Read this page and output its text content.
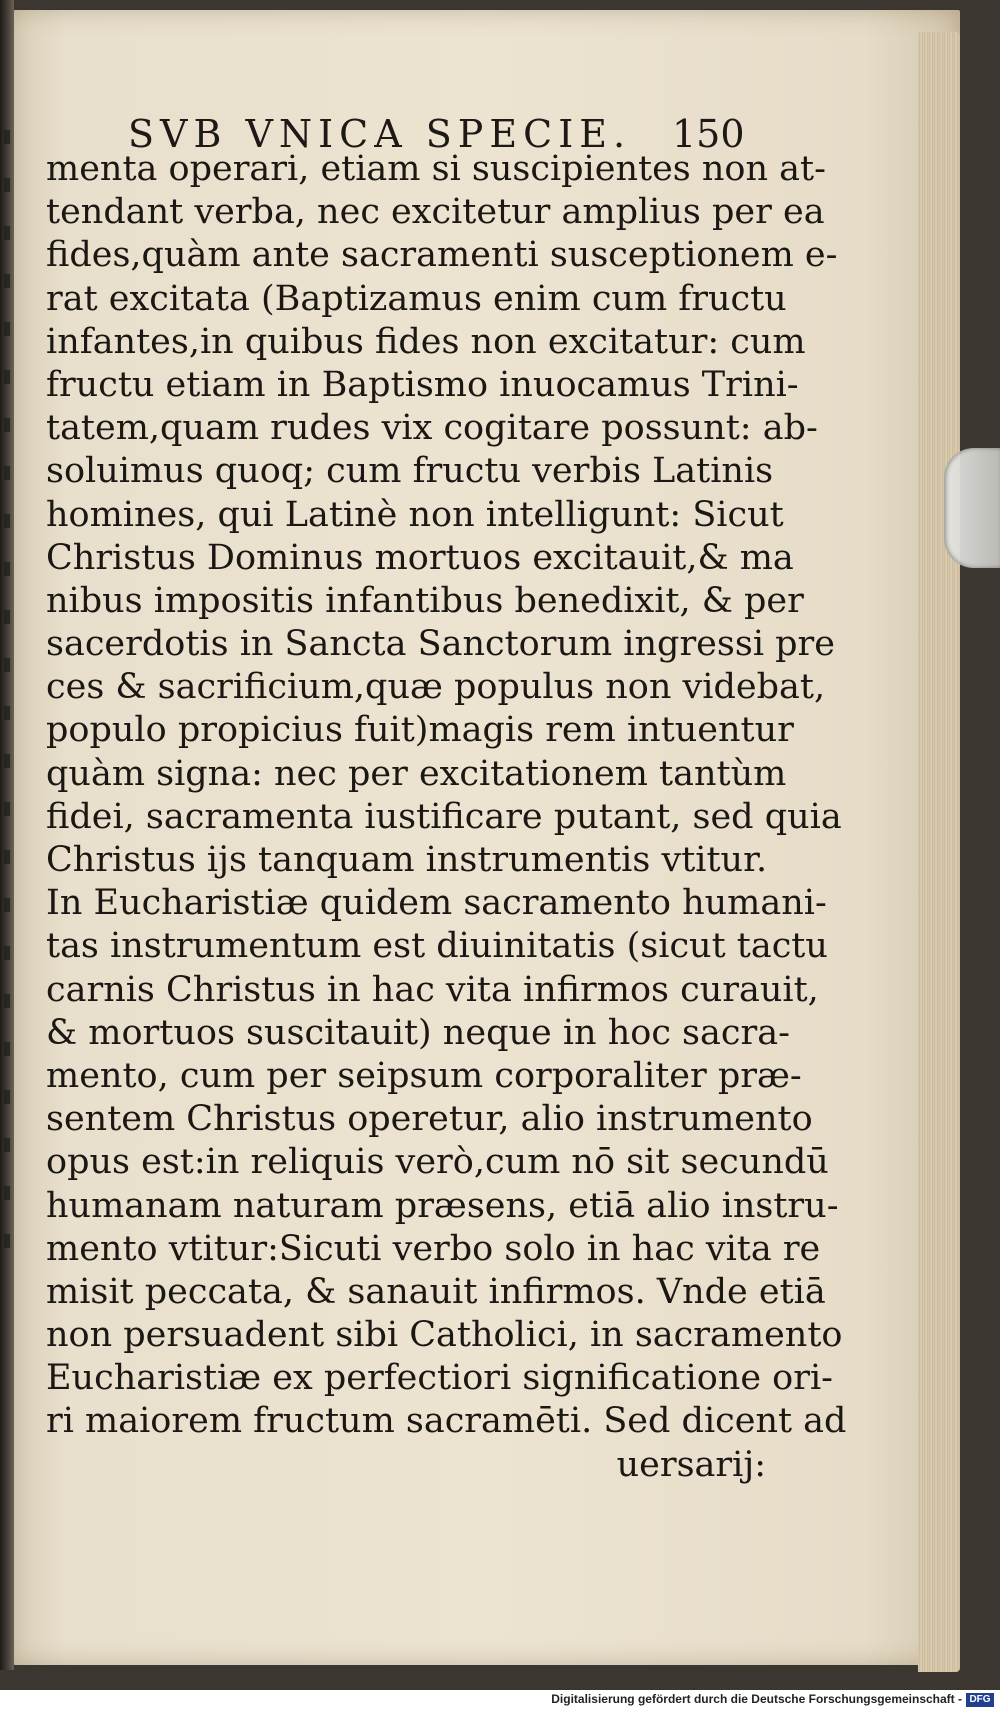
SVB VNICA SPECIE. 150
menta operari, etiam si suscipientes non at-
tendant verba, nec excitetur amplius per ea
fides,quàm ante sacramenti susceptionem e-
rat excitata (Baptizamus enim cum fructu
infantes,in quibus fides non excitatur: cum
fructu etiam in Baptismo inuocamus Trini-
tatem,quam rudes vix cogitare possunt: ab-
soluimus quoq; cum fructu verbis Latinis
homines, qui Latinè non intelligunt: Sicut
Christus Dominus mortuos excitauit,& ma
nibus impositis infantibus benedixit, & per
sacerdotis in Sancta Sanctorum ingressi pre
ces & sacrificium,quæ populus non videbat,
populo propicius fuit)magis rem intuentur
quàm signa: nec per excitationem tantùm
fidei, sacramenta iustificare putant, sed quia
Christus ijs tanquam instrumentis vtitur.
In Eucharistiæ quidem sacramento humani-
tas instrumentum est diuinitatis (sicut tactu
carnis Christus in hac vita infirmos curauit,
& mortuos suscitauit) neque in hoc sacra-
mento, cum per seipsum corporaliter præ-
sentem Christus operetur, alio instrumento
opus est:in reliquis verò,cum nō sit secundū
humanam naturam præsens, etiā alio instru-
mento vtitur:Sicuti verbo solo in hac vita re
misit peccata, & sanauit infirmos. Vnde etiā
non persuadent sibi Catholici, in sacramento
Eucharistiæ ex perfectiori significatione ori-
ri maiorem fructum sacramēti. Sed dicent ad
uersarij:
Digitalisierung gefördert durch die Deutsche Forschungsgemeinschaft - DFG
